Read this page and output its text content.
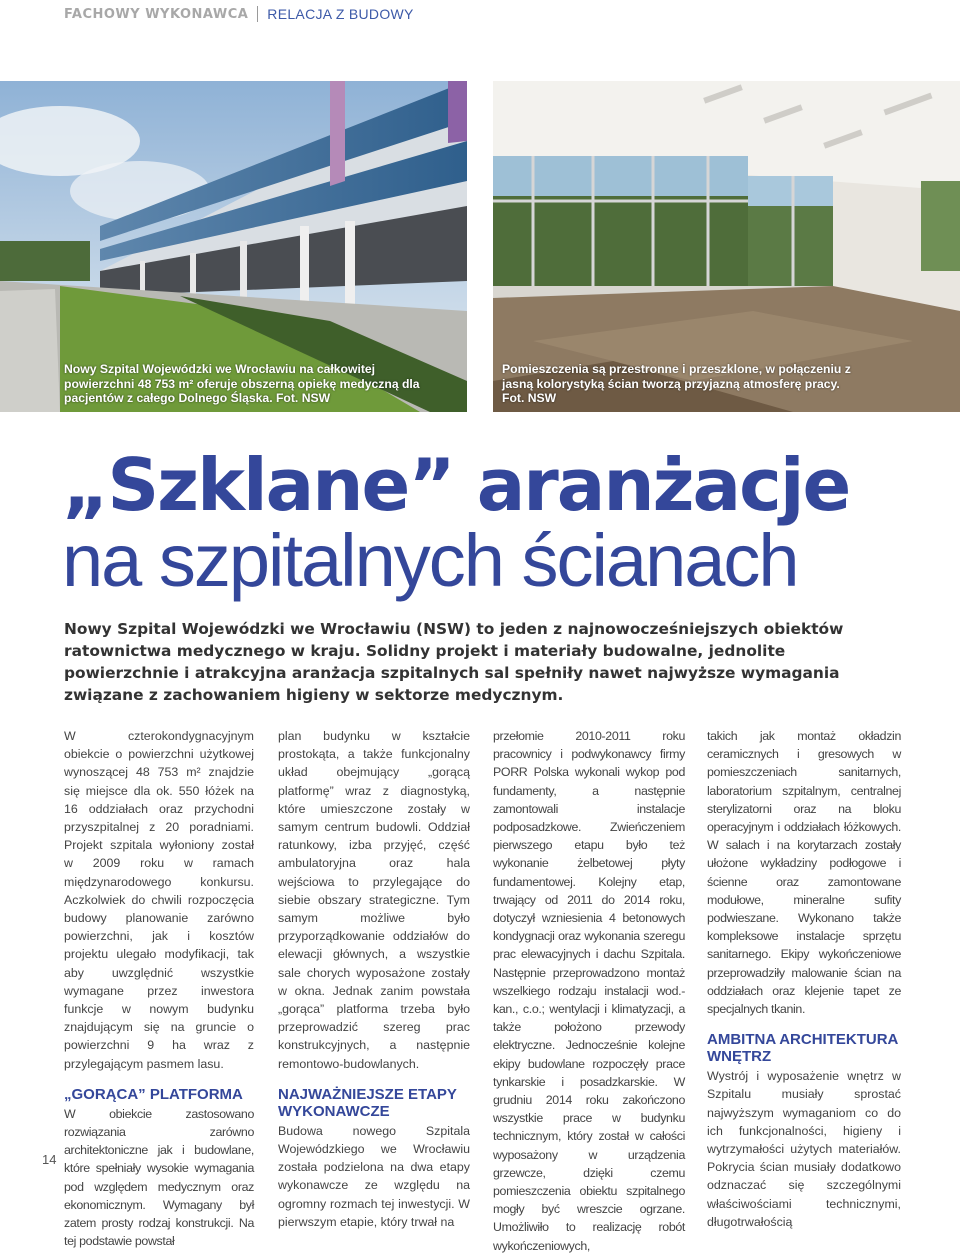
FACHOWY WYKONAWCA RELACJA Z BUDOWY
Nowy Szpital Wojewódzki we Wrocławiu na całkowitej powierzchni 48 753 m² oferuje obszerną opiekę medyczną dla pacjentów z całego Dolnego Śląska. Fot. NSW
Pomieszczenia są przestronne i przeszklone, w połączeniu z jasną kolorystyką ścian tworzą przyjazną atmosferę pracy. Fot. NSW
„Szklane” aranżacje
na szpitalnych ścianach
Nowy Szpital Wojewódzki we Wrocławiu (NSW) to jeden z najnowocześniejszych obiektów ratownictwa medycznego w kraju. Solidny projekt i materiały budowalne, jednolite powierzchnie i atrakcyjna aranżacja szpitalnych sal spełniły nawet najwyższe wymagania związane z zachowaniem higieny w sektorze medycznym.

W czterokondygnacyjnym obiekcie o powierzchni użytkowej wynoszącej 48 753 m² znajdzie się miejsce dla ok. 550 łóżek na 16 oddziałach oraz przychodni przyszpitalnej z 20 poradniami. Projekt szpitala wyłoniony został w 2009 roku w ramach międzynarodowego konkursu. Aczkolwiek do chwili rozpoczęcia budowy planowanie zarówno powierzchni, jak i kosztów projektu ulegało modyfikacji, tak aby uwzględnić wszystkie wymagane przez inwestora funkcje w nowym budynku znajdującym się na gruncie o powierzchni 9 ha wraz z przylegającym pasmem lasu.

„GORĄCA” PLATFORMA

W obiekcie zastosowano rozwiązania zarówno architektoniczne jak i budowlane, które spełniały wysokie wymagania pod względem medycznym oraz ekonomicznym. Wymagany był zatem prosty rodzaj konstrukcji. Na tej podstawie powstał

plan budynku w kształcie prostokąta, a także funkcjonalny układ obejmujący „gorącą platformę” wraz z diagnostyką, które umieszczone zostały w samym centrum budowli. Oddział ratunkowy, izba przyjęć, część ambulatoryjna oraz hala wejściowa to przylegające do siebie obszary strategiczne. Tym samym możliwe było przyporządkowanie oddziałów do elewacji głównych, a wszystkie sale chorych wyposażone zostały w okna. Jednak zanim powstała „gorąca” platforma trzeba było przeprowadzić szereg prac konstrukcyjnych, a następnie remontowo-budowlanych.

NAJWAŻNIEJSZE ETAPY WYKONAWCZE

Budowa nowego Szpitala Wojewódzkiego we Wrocławiu została podzielona na dwa etapy wykonawcze ze względu na ogromny rozmach tej inwestycji. W pierwszym etapie, który trwał na

przełomie 2010-2011 roku pracownicy i podwykonawcy firmy PORR Polska wykonali wykop pod fundamenty, a następnie zamontowali instalacje podposadzkowe. Zwieńczeniem pierwszego etapu było też wykonanie żelbetowej płyty fundamentowej. Kolejny etap, trwający od 2011 do 2014 roku, dotyczył wzniesienia 4 betonowych kondygnacji oraz wykonania szeregu prac elewacyjnych i dachu Szpitala. Następnie przeprowadzono montaż wszelkiego rodzaju instalacji wod.-kan., c.o.; wentylacji i klimatyzacji, a także położono przewody elektryczne. Jednocześnie kolejne ekipy budowlane rozpoczęły prace tynkarskie i posadzkarskie. W grudniu 2014 roku zakończono wszystkie prace w budynku technicznym, który został w całości wyposażony w urządzenia grzewcze, dzięki czemu pomieszczenia obiektu szpitalnego mogły być wreszcie ogrzane. Umożliwiło to realizację robót wykończeniowych,

takich jak montaż okładzin ceramicznych i gresowych w pomieszczeniach sanitarnych, laboratorium szpitalnym, centralnej sterylizatorni oraz na bloku operacyjnym i oddziałach łóżkowych. W salach i na korytarzach zostały ułożone wykładziny podłogowe i ścienne oraz zamontowane modułowe, mineralne sufity podwieszane. Wykonano także kompleksowe instalacje sprzętu sanitarnego. Ekipy wykończeniowe przeprowadziły malowanie ścian na oddziałach oraz klejenie tapet ze specjalnych tkanin.

AMBITNA ARCHITEKTURA WNĘTRZ

Wystrój i wyposażenie wnętrz w Szpitalu musiały sprostać najwyższym wymaganiom co do ich funkcjonalności, higieny i wytrzymałości użytych materiałów. Pokrycia ścian musiały dodatkowo odznaczać się szczególnymi właściwościami technicznymi, długotrwałością

14
